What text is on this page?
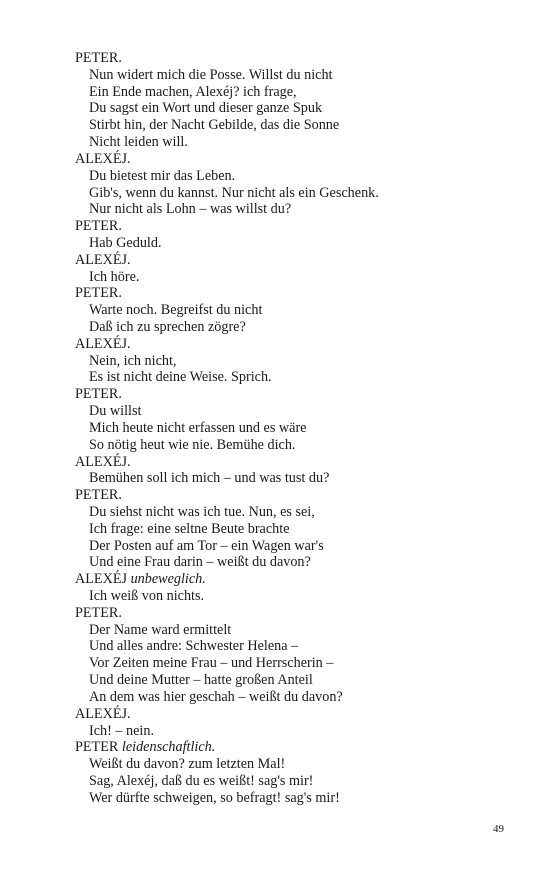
PETER.
Nun widert mich die Posse. Willst du nicht
Ein Ende machen, Alexéj? ich frage,
Du sagst ein Wort und dieser ganze Spuk
Stirbt hin, der Nacht Gebilde, das die Sonne
Nicht leiden will.
ALEXÉJ.
Du bietest mir das Leben.
Gib's, wenn du kannst. Nur nicht als ein Geschenk.
Nur nicht als Lohn – was willst du?
PETER.
Hab Geduld.
ALEXÉJ.
Ich höre.
PETER.
Warte noch. Begreifst du nicht
Daß ich zu sprechen zögre?
ALEXÉJ.
Nein, ich nicht,
Es ist nicht deine Weise. Sprich.
PETER.
Du willst
Mich heute nicht erfassen und es wäre
So nötig heut wie nie. Bemühe dich.
ALEXÉJ.
Bemühen soll ich mich – und was tust du?
PETER.
Du siehst nicht was ich tue. Nun, es sei,
Ich frage: eine seltne Beute brachte
Der Posten auf am Tor – ein Wagen war's
Und eine Frau darin – weißt du davon?
ALEXÉJ unbeweglich.
Ich weiß von nichts.
PETER.
Der Name ward ermittelt
Und alles andre: Schwester Helena –
Vor Zeiten meine Frau – und Herrscherin –
Und deine Mutter – hatte großen Anteil
An dem was hier geschah – weißt du davon?
ALEXÉJ.
Ich! – nein.
PETER leidenschaftlich.
Weißt du davon? zum letzten Mal!
Sag, Alexéj, daß du es weißt! sag's mir!
Wer dürfte schweigen, so befragt! sag's mir!
49
